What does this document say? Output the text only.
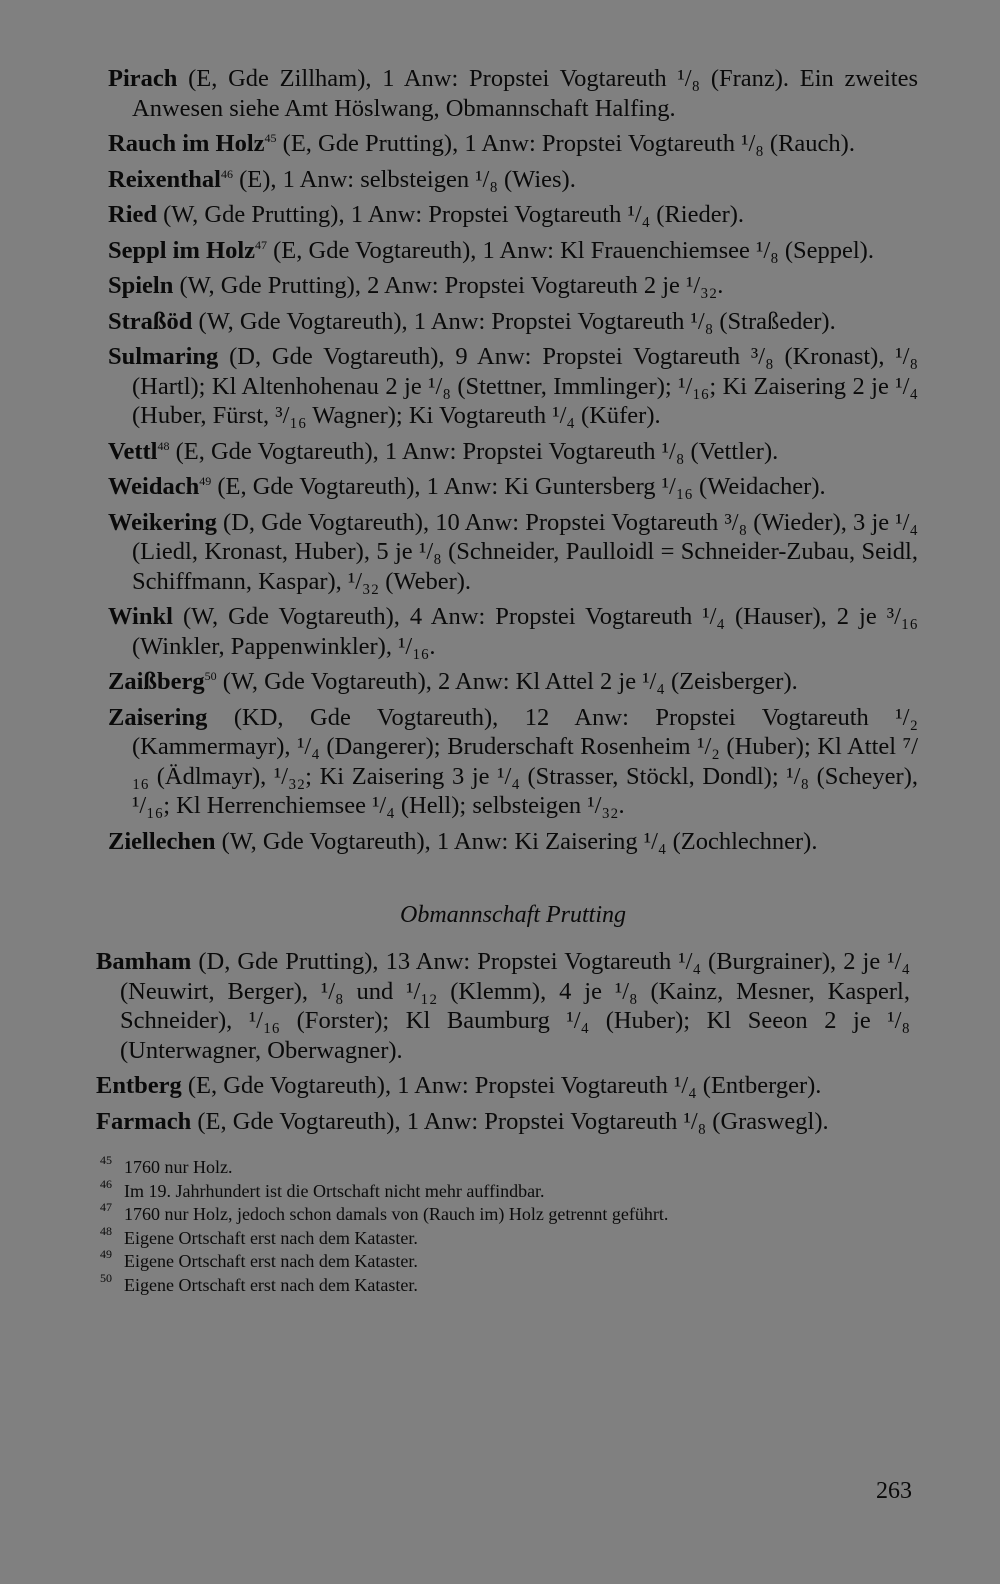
Pirach (E, Gde Zillham), 1 Anw: Propstei Vogtareuth ¹/₈ (Franz). Ein zweites Anwesen siehe Amt Höslwang, Obmannschaft Halfing.

Rauch im Holz$^{45}$ (E, Gde Prutting), 1 Anw: Propstei Vogtareuth ¹/₈ (Rauch).

Reixenthal$^{46}$ (E), 1 Anw: selbsteigen ¹/₈ (Wies).

Ried (W, Gde Prutting), 1 Anw: Propstei Vogtareuth ¹/₄ (Rieder).

Seppl im Holz$^{47}$ (E, Gde Vogtareuth), 1 Anw: Kl Frauenchiemsee ¹/₈ (Seppel).

Spieln (W, Gde Prutting), 2 Anw: Propstei Vogtareuth 2 je ¹/₃₂.

Straßöd (W, Gde Vogtareuth), 1 Anw: Propstei Vogtareuth ¹/₈ (Straßeder).

Sulmaring (D, Gde Vogtareuth), 9 Anw: Propstei Vogtareuth ³/₈ (Kronast), ¹/₈ (Hartl); Kl Altenhohenau 2 je ¹/₈ (Stettner, Immlinger); ¹/₁₆; Ki Zaisering 2 je ¹/₄ (Huber, Fürst, ³/₁₆ Wagner); Ki Vogtareuth ¹/₄ (Küfer).

Vettl$^{48}$ (E, Gde Vogtareuth), 1 Anw: Propstei Vogtareuth ¹/₈ (Vettler).

Weidach$^{49}$ (E, Gde Vogtareuth), 1 Anw: Ki Guntersberg ¹/₁₆ (Weidacher).

Weikering (D, Gde Vogtareuth), 10 Anw: Propstei Vogtareuth ³/₈ (Wieder), 3 je ¹/₄ (Liedl, Kronast, Huber), 5 je ¹/₈ (Schneider, Paulloidl = Schneider-Zubau, Seidl, Schiffmann, Kaspar), ¹/₃₂ (Weber).

Winkl (W, Gde Vogtareuth), 4 Anw: Propstei Vogtareuth ¹/₄ (Hauser), 2 je ³/₁₆ (Winkler, Pappenwinkler), ¹/₁₆.

Zaißberg$^{50}$ (W, Gde Vogtareuth), 2 Anw: Kl Attel 2 je ¹/₄ (Zeisberger).

Zaisering (KD, Gde Vogtareuth), 12 Anw: Propstei Vogtareuth ¹/₂ (Kammermayr), ¹/₄ (Dangerer); Bruderschaft Rosenheim ¹/₂ (Huber); Kl Attel ⁷/₁₆ (Ädlmayr), ¹/₃₂; Ki Zaisering 3 je ¹/₄ (Strasser, Stöckl, Dondl); ¹/₈ (Scheyer), ¹/₁₆; Kl Herrenchiemsee ¹/₄ (Hell); selbsteigen ¹/₃₂.

Ziellechen (W, Gde Vogtareuth), 1 Anw: Ki Zaisering ¹/₄ (Zochlechner).

Obmannschaft Prutting

Bamham (D, Gde Prutting), 13 Anw: Propstei Vogtareuth ¹/₄ (Burgrainer), 2 je ¹/₄ (Neuwirt, Berger), ¹/₈ und ¹/₁₂ (Klemm), 4 je ¹/₈ (Kainz, Mesner, Kasperl, Schneider), ¹/₁₆ (Forster); Kl Baumburg ¹/₄ (Huber); Kl Seeon 2 je ¹/₈ (Unterwagner, Oberwagner).

Entberg (E, Gde Vogtareuth), 1 Anw: Propstei Vogtareuth ¹/₄ (Entberger).

Farmach (E, Gde Vogtareuth), 1 Anw: Propstei Vogtareuth ¹/₈ (Graswegl).

$^{45}$ 1760 nur Holz.
$^{46}$ Im 19. Jahrhundert ist die Ortschaft nicht mehr auffindbar.
$^{47}$ 1760 nur Holz, jedoch schon damals von (Rauch im) Holz getrennt geführt.
$^{48}$ Eigene Ortschaft erst nach dem Kataster.
$^{49}$ Eigene Ortschaft erst nach dem Kataster.
$^{50}$ Eigene Ortschaft erst nach dem Kataster.
263
